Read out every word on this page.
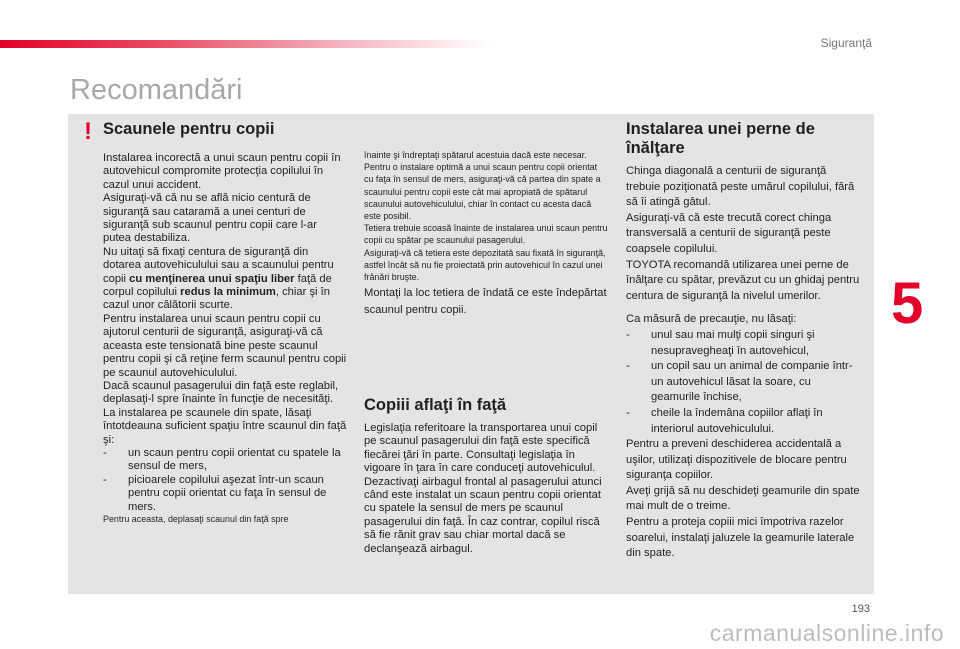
Siguranţă
Recomandări
! Scaunele pentru copii

Instalarea incorectă a unui scaun pentru copii în autovehicul compromite protecţia copilului în cazul unui accident.

Asiguraţi-vă că nu se află nicio centură de siguranţă sau cataramă a unei centuri de siguranţă sub scaunul pentru copii care l-ar putea destabiliza.

Nu uitaţi să fixaţi centura de siguranţă din dotarea autovehiculului sau a scaunului pentru copii cu menţinerea unui spaţiu liber faţă de corpul copilului redus la minimum, chiar şi în cazul unor călătorii scurte.

Pentru instalarea unui scaun pentru copii cu ajutorul centurii de siguranţă, asiguraţi-vă că aceasta este tensionată bine peste scaunul pentru copii şi că reţine ferm scaunul pentru copii pe scaunul autovehiculului.

Dacă scaunul pasagerului din faţă este reglabil, deplasaţi-l spre înainte în funcţie de necesităţi.

La instalarea pe scaunele din spate, lăsaţi întotdeauna suficient spaţiu între scaunul din faţă şi:

- un scaun pentru copii orientat cu spatele la sensul de mers,

- picioarele copilului aşezat într-un scaun pentru copii orientat cu faţa în sensul de mers.

Pentru aceasta, deplasaţi scaunul din faţă spre

înainte şi îndreptaţi spătarul acestuia dacă este necesar.

Pentru o instalare optimă a unui scaun pentru copii orientat cu faţa în sensul de mers, asiguraţi-vă că partea din spate a scaunului pentru copii este cât mai apropiată de spătarul scaunului autovehiculului, chiar în contact cu acesta dacă este posibil.

Tetiera trebuie scoasă înainte de instalarea unui scaun pentru copii cu spătar pe scaunului pasagerului.

Asiguraţi-vă că tetiera este depozitată sau fixată în siguranţă, astfel încât să nu fie proiectată prin autovehicul în cazul unei frânări bruşte.

Montaţi la loc tetiera de îndată ce este îndepărtat scaunul pentru copii.

Copiii aflaţi în faţă

Legislaţia referitoare la transportarea unui copil pe scaunul pasagerului din faţă este specifică fiecărei ţări în parte. Consultaţi legislaţia în vigoare în ţara în care conduceţi autovehiculul.

Dezactivaţi airbagul frontal al pasagerului atunci când este instalat un scaun pentru copii orientat cu spatele la sensul de mers pe scaunul pasagerului din faţă. În caz contrar, copilul riscă să fie rănit grav sau chiar mortal dacă se declanşează airbagul.

Instalarea unei perne de înălţare

Chinga diagonală a centurii de siguranţă trebuie poziţionată peste umărul copilului, fără să îi atingă gâtul.

Asiguraţi-vă că este trecută corect chinga transversală a centurii de siguranţă peste coapsele copilului.

TOYOTA recomandă utilizarea unei perne de înălţare cu spătar, prevăzut cu un ghidaj pentru centura de siguranţă la nivelul umerilor.

Ca măsură de precauţie, nu lăsaţi:

- unul sau mai mulţi copii singuri şi nesupravegheaţi în autovehicul,

- un copil sau un animal de companie într-un autovehicul lăsat la soare, cu geamurile închise,

- cheile la îndemâna copiilor aflaţi în interiorul autovehiculului.

Pentru a preveni deschiderea accidentală a uşilor, utilizaţi dispozitivele de blocare pentru siguranţa copiilor.

Aveţi grijă să nu deschideţi geamurile din spate mai mult de o treime.

Pentru a proteja copiii mici împotriva razelor soarelui, instalaţi jaluzele la geamurile laterale din spate.

5
193
carmanualsonline.info
